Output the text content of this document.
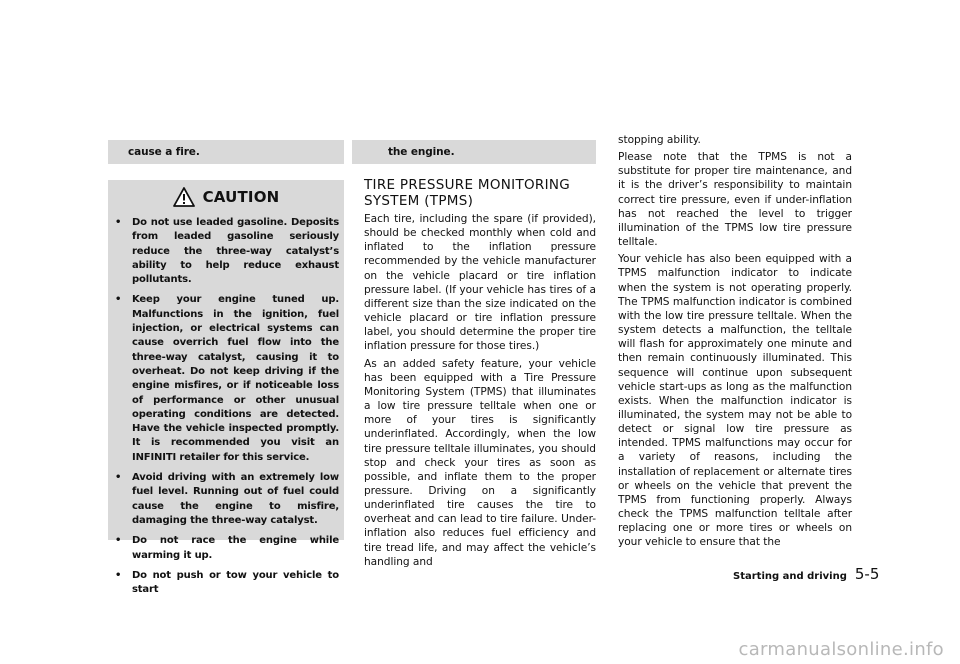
cause a fire.	the engine.
CAUTION
• Do not use leaded gasoline. Deposits from leaded gasoline seriously reduce the three-way catalyst’s ability to help reduce exhaust pollutants.
• Keep your engine tuned up. Malfunctions in the ignition, fuel injection, or electrical systems can cause overrich fuel flow into the three-way catalyst, causing it to overheat. Do not keep driving if the engine misfires, or if noticeable loss of performance or other unusual operating conditions are detected. Have the vehicle inspected promptly. It is recommended you visit an INFINITI retailer for this service.
• Avoid driving with an extremely low fuel level. Running out of fuel could cause the engine to misfire, damaging the three-way catalyst.
• Do not race the engine while warming it up.
• Do not push or tow your vehicle to start
TIRE PRESSURE MONITORING SYSTEM (TPMS)

Each tire, including the spare (if provided), should be checked monthly when cold and inflated to the inflation pressure recommended by the vehicle manufacturer on the vehicle placard or tire inflation pressure label. (If your vehicle has tires of a different size than the size indicated on the vehicle placard or tire inflation pressure label, you should determine the proper tire inflation pressure for those tires.)

As an added safety feature, your vehicle has been equipped with a Tire Pressure Monitoring System (TPMS) that illuminates a low tire pressure telltale when one or more of your tires is significantly underinflated. Accordingly, when the low tire pressure telltale illuminates, you should stop and check your tires as soon as possible, and inflate them to the proper pressure. Driving on a significantly underinflated tire causes the tire to overheat and can lead to tire failure. Under-inflation also reduces fuel efficiency and tire tread life, and may affect the vehicle’s handling and

stopping ability.

Please note that the TPMS is not a substitute for proper tire maintenance, and it is the driver’s responsibility to maintain correct tire pressure, even if under-inflation has not reached the level to trigger illumination of the TPMS low tire pressure telltale.

Your vehicle has also been equipped with a TPMS malfunction indicator to indicate when the system is not operating properly. The TPMS malfunction indicator is combined with the low tire pressure telltale. When the system detects a malfunction, the telltale will flash for approximately one minute and then remain continuously illuminated. This sequence will continue upon subsequent vehicle start-ups as long as the malfunction exists. When the malfunction indicator is illuminated, the system may not be able to detect or signal low tire pressure as intended. TPMS malfunctions may occur for a variety of reasons, including the installation of replacement or alternate tires or wheels on the vehicle that prevent the TPMS from functioning properly. Always check the TPMS malfunction telltale after replacing one or more tires or wheels on your vehicle to ensure that the

Starting and driving 5-5
carmanualsonline.info
